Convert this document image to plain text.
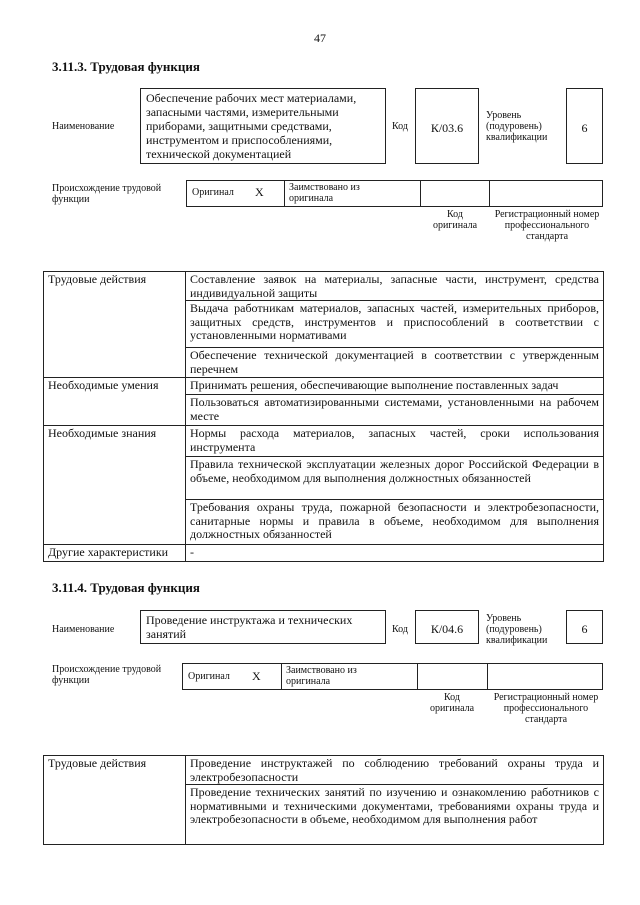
47
3.11.3. Трудовая функция
Наименование
Обеспечение рабочих мест материалами, запасными частями, измерительными приборами, защитными средствами, инструментом и приспособлениями, технической документацией
Код	К/03.6
Уровень (подуровень) квалификации
6
Происхождение трудовой функции
Оригинал X	Заимствовано из оригинала
Код оригинала
Регистрационный номер профессионального стандарта
Трудовые действия	Составление заявок на материалы, запасные части, инструмент, средства индивидуальной защиты
Выдача работникам материалов, запасных частей, измерительных приборов, защитных средств, инструментов и приспособлений в соответствии с установленными нормативами
Обеспечение технической документацией в соответствии с утвержденным перечнем

Необходимые умения	Принимать решения, обеспечивающие выполнение поставленных задач
Пользоваться автоматизированными системами, установленными на рабочем месте

Необходимые знания	Нормы расхода материалов, запасных частей, сроки использования инструмента
Правила технической эксплуатации железных дорог Российской Федерации в объеме, необходимом для выполнения должностных обязанностей
Требования охраны труда, пожарной безопасности и электробезопасности, санитарные нормы и правила в объеме, необходимом для выполнения должностных обязанностей

Другие характеристики	-
3.11.4. Трудовая функция
Наименование
Проведение инструктажа и технических занятий	Код	К/04.6
Уровень (подуровень) квалификации
6
Происхождение трудовой функции	Оригинал X	Заимствовано из оригинала
Код оригинала
Регистрационный номер профессионального стандарта
Трудовые действия	Проведение инструктажей по соблюдению требований охраны труда и электробезопасности
Проведение технических занятий по изучению и ознакомлению работников с нормативными и техническими документами, требованиями охраны труда и электробезопасности в объеме, необходимом для выполнения работ
